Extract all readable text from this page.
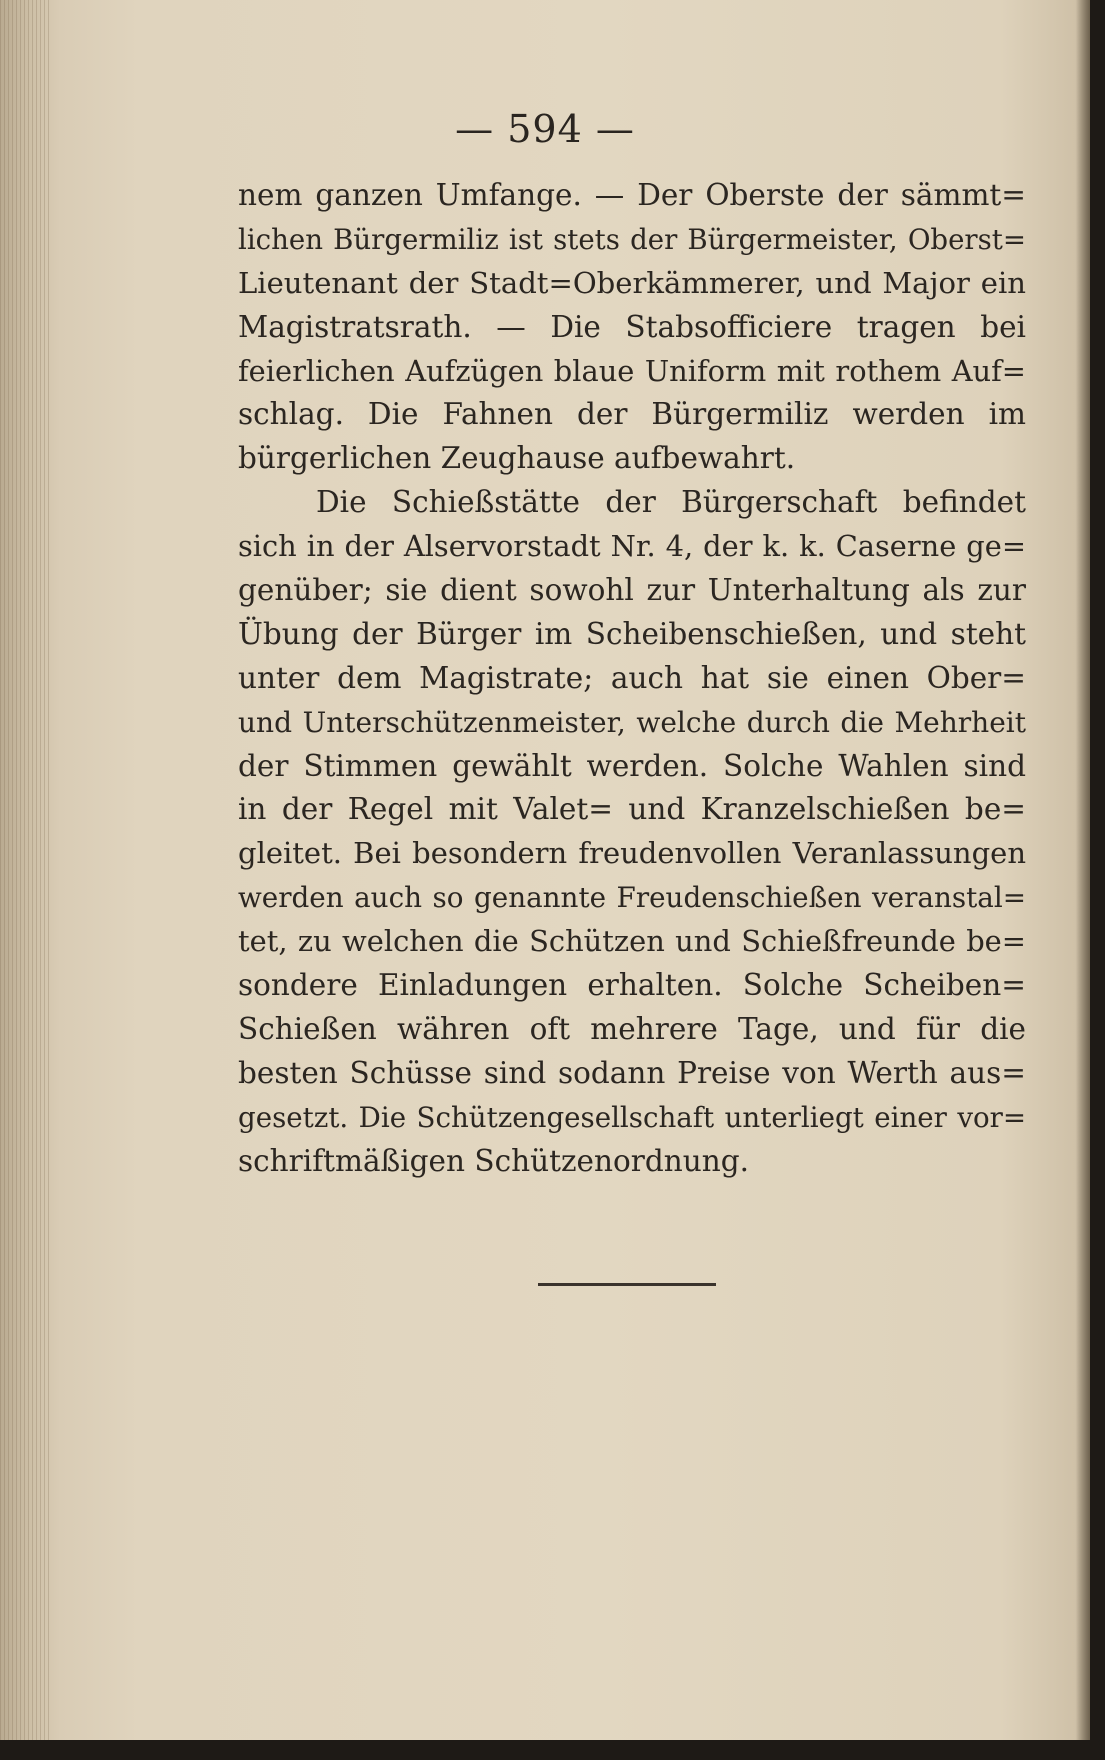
— 594 —
nem ganzen Umfange. — Der Oberste der sämmt=
lichen Bürgermiliz ist stets der Bürgermeister, Oberst=
Lieutenant der Stadt=Oberkämmerer, und Major ein
Magistratsrath. — Die Stabsofficiere tragen bei
feierlichen Aufzügen blaue Uniform mit rothem Auf=
schlag. Die Fahnen der Bürgermiliz werden im
bürgerlichen Zeughause aufbewahrt.
Die Schießstätte der Bürgerschaft befindet
sich in der Alservorstadt Nr. 4, der k. k. Caserne ge=
genüber; sie dient sowohl zur Unterhaltung als zur
Übung der Bürger im Scheibenschießen, und steht
unter dem Magistrate; auch hat sie einen Ober=
und Unterschützenmeister, welche durch die Mehrheit
der Stimmen gewählt werden. Solche Wahlen sind
in der Regel mit Valet= und Kranzelschießen be=
gleitet. Bei besondern freudenvollen Veranlassungen
werden auch so genannte Freudenschießen veranstal=
tet, zu welchen die Schützen und Schießfreunde be=
sondere Einladungen erhalten. Solche Scheiben=
Schießen währen oft mehrere Tage, und für die
besten Schüsse sind sodann Preise von Werth aus=
gesetzt. Die Schützengesellschaft unterliegt einer vor=
schriftmäßigen Schützenordnung.
